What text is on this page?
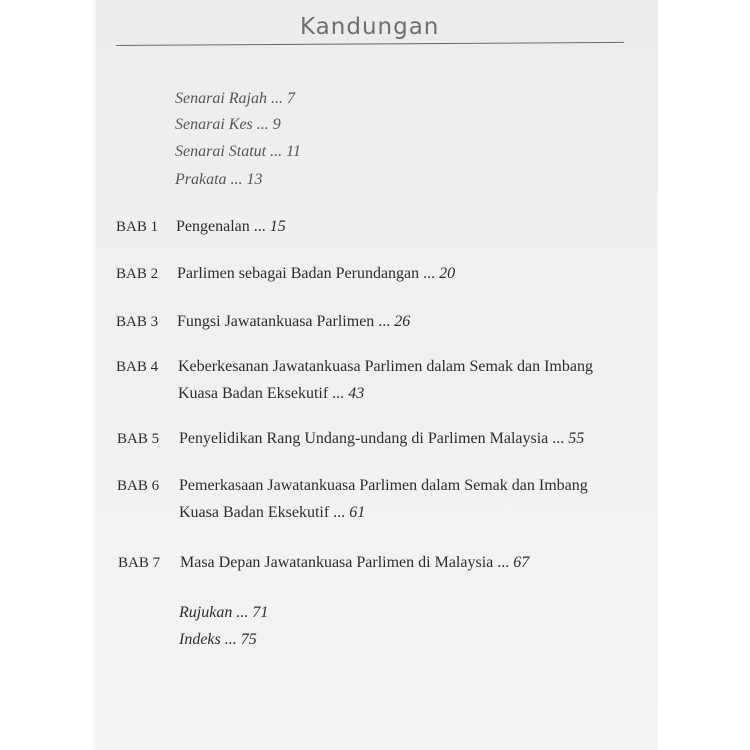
Kandungan
Senarai Rajah ... 7
Senarai Kes ... 9
Senarai Statut ... 11
Prakata ... 13
BAB 1 Pengenalan ... 15
BAB 2 Parlimen sebagai Badan Perundangan ... 20
BAB 3 Fungsi Jawatankuasa Parlimen ... 26
BAB 4 Keberkesanan Jawatankuasa Parlimen dalam Semak dan Imbang
Kuasa Badan Eksekutif ... 43
BAB 5 Penyelidikan Rang Undang-undang di Parlimen Malaysia ... 55
BAB 6 Pemerkasaan Jawatankuasa Parlimen dalam Semak dan Imbang
Kuasa Badan Eksekutif ... 61
BAB 7 Masa Depan Jawatankuasa Parlimen di Malaysia ... 67
Rujukan ... 71
Indeks ... 75
